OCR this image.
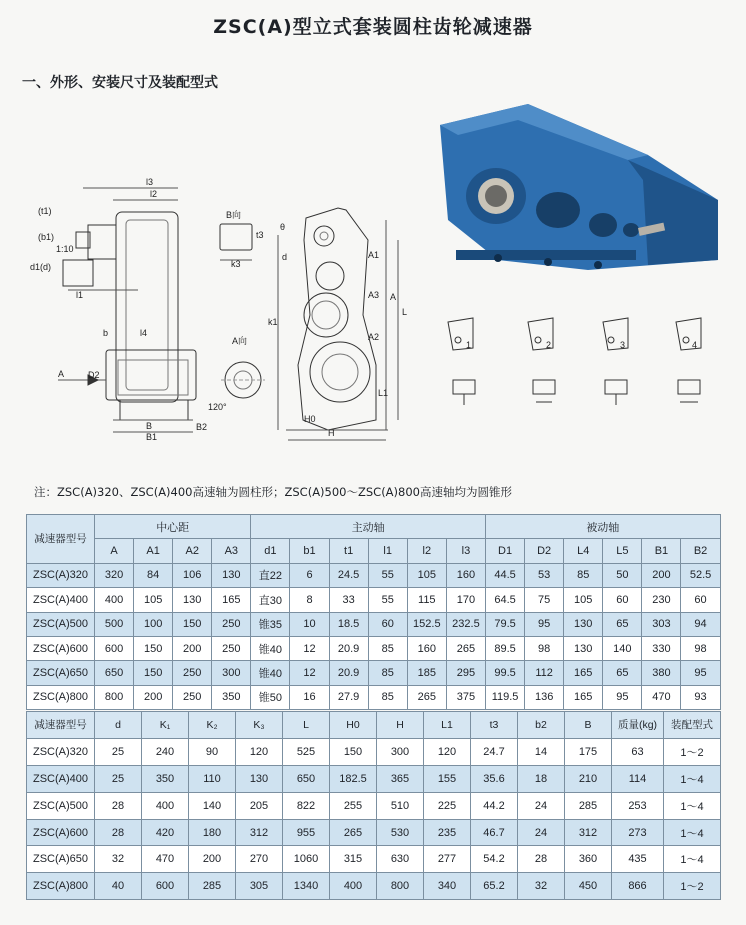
ZSC(A)型立式套装圆柱齿轮减速器
一、外形、安装尺寸及装配型式
l3
l2
(t1)
(b1)
1:10
d1(d)
l1
b	l4
A	D2
B
B1
B2
B向
k3
t3
A向
120°
θ
d	A1
A3
A2
A
L
L1
k1
H0
H
1	2	3	4
注：ZSC(A)320、ZSC(A)400高速轴为圆柱形；ZSC(A)500～ZSC(A)800高速轴均为圆锥形
减速器型号	中心距				主动轴						被动轴					
	A	A1	A2	A3	d1	b1	t1	l1	l2	l3	D1	D2	L4	L5	B1	B2
ZSC(A)320	320	84	106	130	直22	6	24.5	55	105	160	44.5	53	85	50	200	52.5
ZSC(A)400	400	105	130	165	直30	8	33	55	115	170	64.5	75	105	60	230	60
ZSC(A)500	500	100	150	250	锥35	10	18.5	60	152.5	232.5	79.5	95	130	65	303	94
ZSC(A)600	600	150	200	250	锥40	12	20.9	85	160	265	89.5	98	130	140	330	98
ZSC(A)650	650	150	250	300	锥40	12	20.9	85	185	295	99.5	112	165	65	380	95
ZSC(A)800	800	200	250	350	锥50	16	27.9	85	265	375	119.5	136	165	95	470	93
减速器型号	d	K₁	K₂	K₃	L	H0	H	L1	t3	b2	B	质量(kg)	装配型式
ZSC(A)320	25	240	90	120	525	150	300	120	24.7	14	175	63	1～2
ZSC(A)400	25	350	110	130	650	182.5	365	155	35.6	18	210	114	1～4
ZSC(A)500	28	400	140	205	822	255	510	225	44.2	24	285	253	1～4
ZSC(A)600	28	420	180	312	955	265	530	235	46.7	24	312	273	1～4
ZSC(A)650	32	470	200	270	1060	315	630	277	54.2	28	360	435	1～4
ZSC(A)800	40	600	285	305	1340	400	800	340	65.2	32	450	866	1～2
